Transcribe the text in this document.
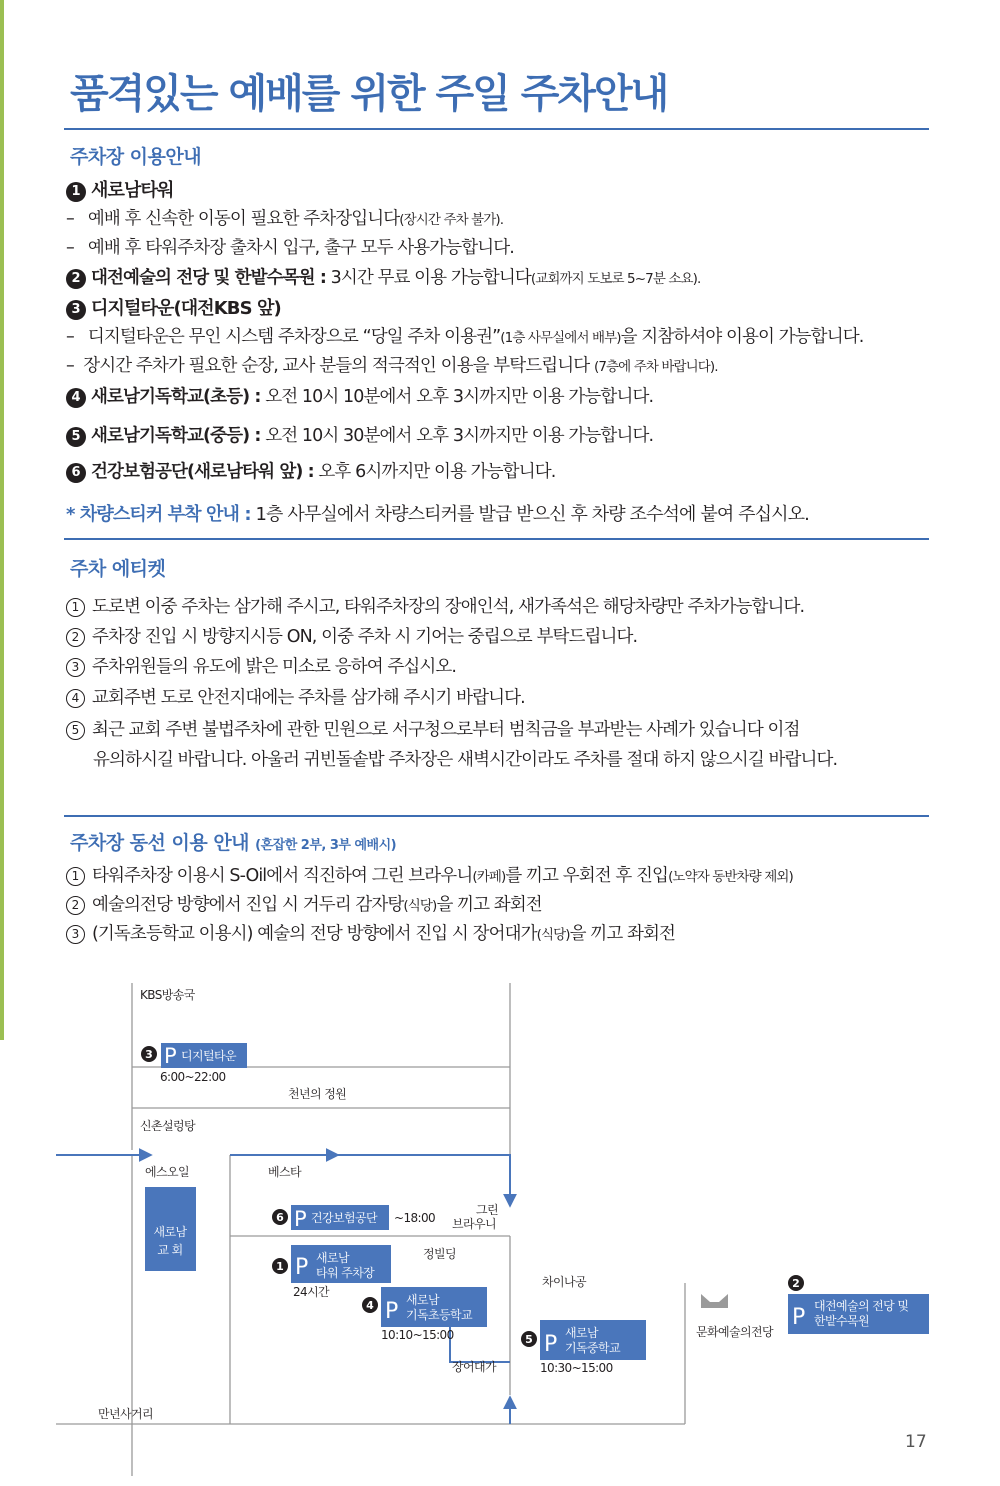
품격있는 예배를 위한 주일 주차안내
주차장 이용안내
1 새로남타워
– 예배 후 신속한 이동이 필요한 주차장입니다(장시간 주차 불가).
– 예배 후 타워주차장 출차시 입구, 출구 모두 사용가능합니다.
2 대전예술의 전당 및 한밭수목원 : 3시간 무료 이용 가능합니다(교회까지 도보로 5~7분 소요).
3 디지털타운(대전KBS 앞)
– 디지털타운은 무인 시스템 주차장으로 “당일 주차 이용권”(1층 사무실에서 배부)을 지참하셔야 이용이 가능합니다.
– 장시간 주차가 필요한 순장, 교사 분들의 적극적인 이용을 부탁드립니다 (7층에 주차 바랍니다).
4 새로남기독학교(초등) : 오전 10시 10분에서 오후 3시까지만 이용 가능합니다.
5 새로남기독학교(중등) : 오전 10시 30분에서 오후 3시까지만 이용 가능합니다.
6 건강보험공단(새로남타워 앞) : 오후 6시까지만 이용 가능합니다.
* 차량스티커 부착 안내 : 1층 사무실에서 차량스티커를 발급 받으신 후 차량 조수석에 붙여 주십시오.
주차 에티켓
1 도로변 이중 주차는 삼가해 주시고, 타워주차장의 장애인석, 새가족석은 해당차량만 주차가능합니다.
2 주차장 진입 시 방향지시등 ON, 이중 주차 시 기어는 중립으로 부탁드립니다.
3 주차위원들의 유도에 밝은 미소로 응하여 주십시오.
4 교회주변 도로 안전지대에는 주차를 삼가해 주시기 바랍니다.
5 최근 교회 주변 불법주차에 관한 민원으로 서구청으로부터 범칙금을 부과받는 사례가 있습니다 이점
유의하시길 바랍니다. 아울러 귀빈돌솥밥 주차장은 새벽시간이라도 주차를 절대 하지 않으시길 바랍니다.
주차장 동선 이용 안내 (혼잡한 2부, 3부 예배시)
1 타워주차장 이용시 S-Oil에서 직진하여 그린 브라우니(카페)를 끼고 우회전 후 진입(노약자 동반차량 제외)
2 예술의전당 방향에서 진입 시 거두리 감자탕(식당)을 끼고 좌회전
3 (기독초등학교 이용시) 예술의 전당 방향에서 진입 시 장어대가(식당)을 끼고 좌회전
새로남
교 회
KBS방송국
천년의 정원
신촌설렁탕
에스오일	베스타
그린
브라우니
정빌딩
차이나공
문화예술의전당
장어대가
만년사거리
3 P 디지털타운
6:00~22:00
6 P 건강보험공단 ~18:00
1 P 새로남
타워 주차장
24시간
4 P 새로남
기독초등학교
10:10~15:00	5 P 새로남
기독중학교
10:30~15:00
2
P 대전예술의 전당 및
한밭수목원
17
